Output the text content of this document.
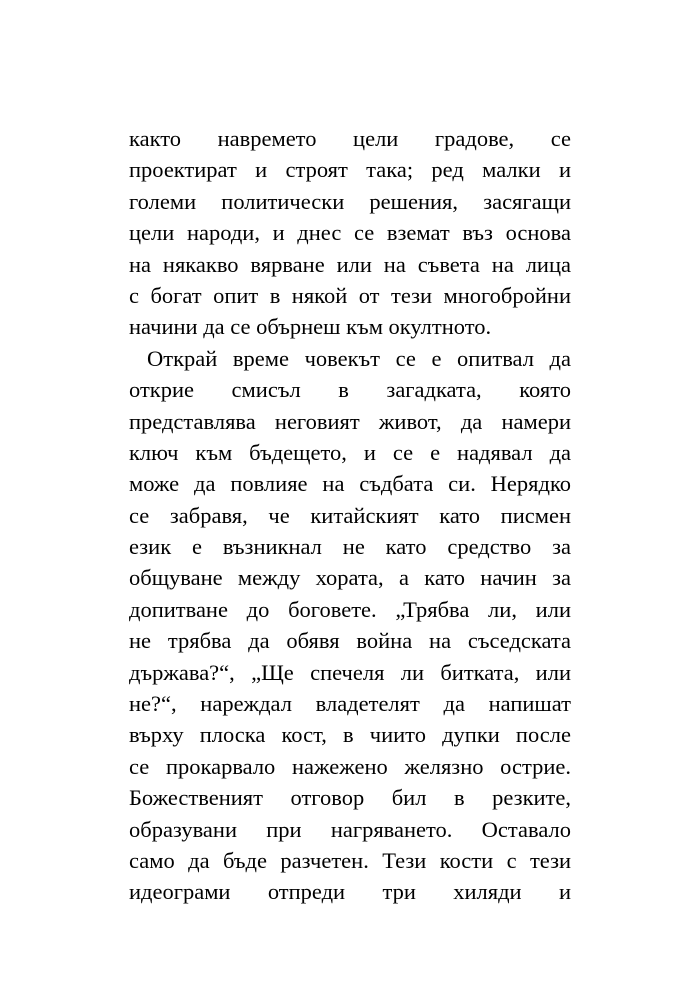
както навремето цели градове, се
проектират и строят така; ред малки и
големи политически решения, засягащи
цели народи, и днес се вземат въз основа
на някакво вярване или на съвета на лица
с богат опит в някой от тези многобройни
начини да се обърнеш към окултното.
Открай време човекът се е опитвал да
открие смисъл в загадката, която
представлява неговият живот, да намери
ключ към бъдещето, и се е надявал да
може да повлияе на съдбата си. Нерядко
се забравя, че китайският като писмен
език е възникнал не като средство за
общуване между хората, а като начин за
допитване до боговете. „Трябва ли, или
не трябва да обявя война на съседската
държава?“, „Ще спечеля ли битката, или
не?“, нареждал владетелят да напишат
върху плоска кост, в чиито дупки после
се прокарвало нажежено желязно острие.
Божественият отговор бил в резките,
образувани при нагряването. Оставало
само да бъде разчетен. Тези кости с тези
идеограми отпреди три хиляди и
